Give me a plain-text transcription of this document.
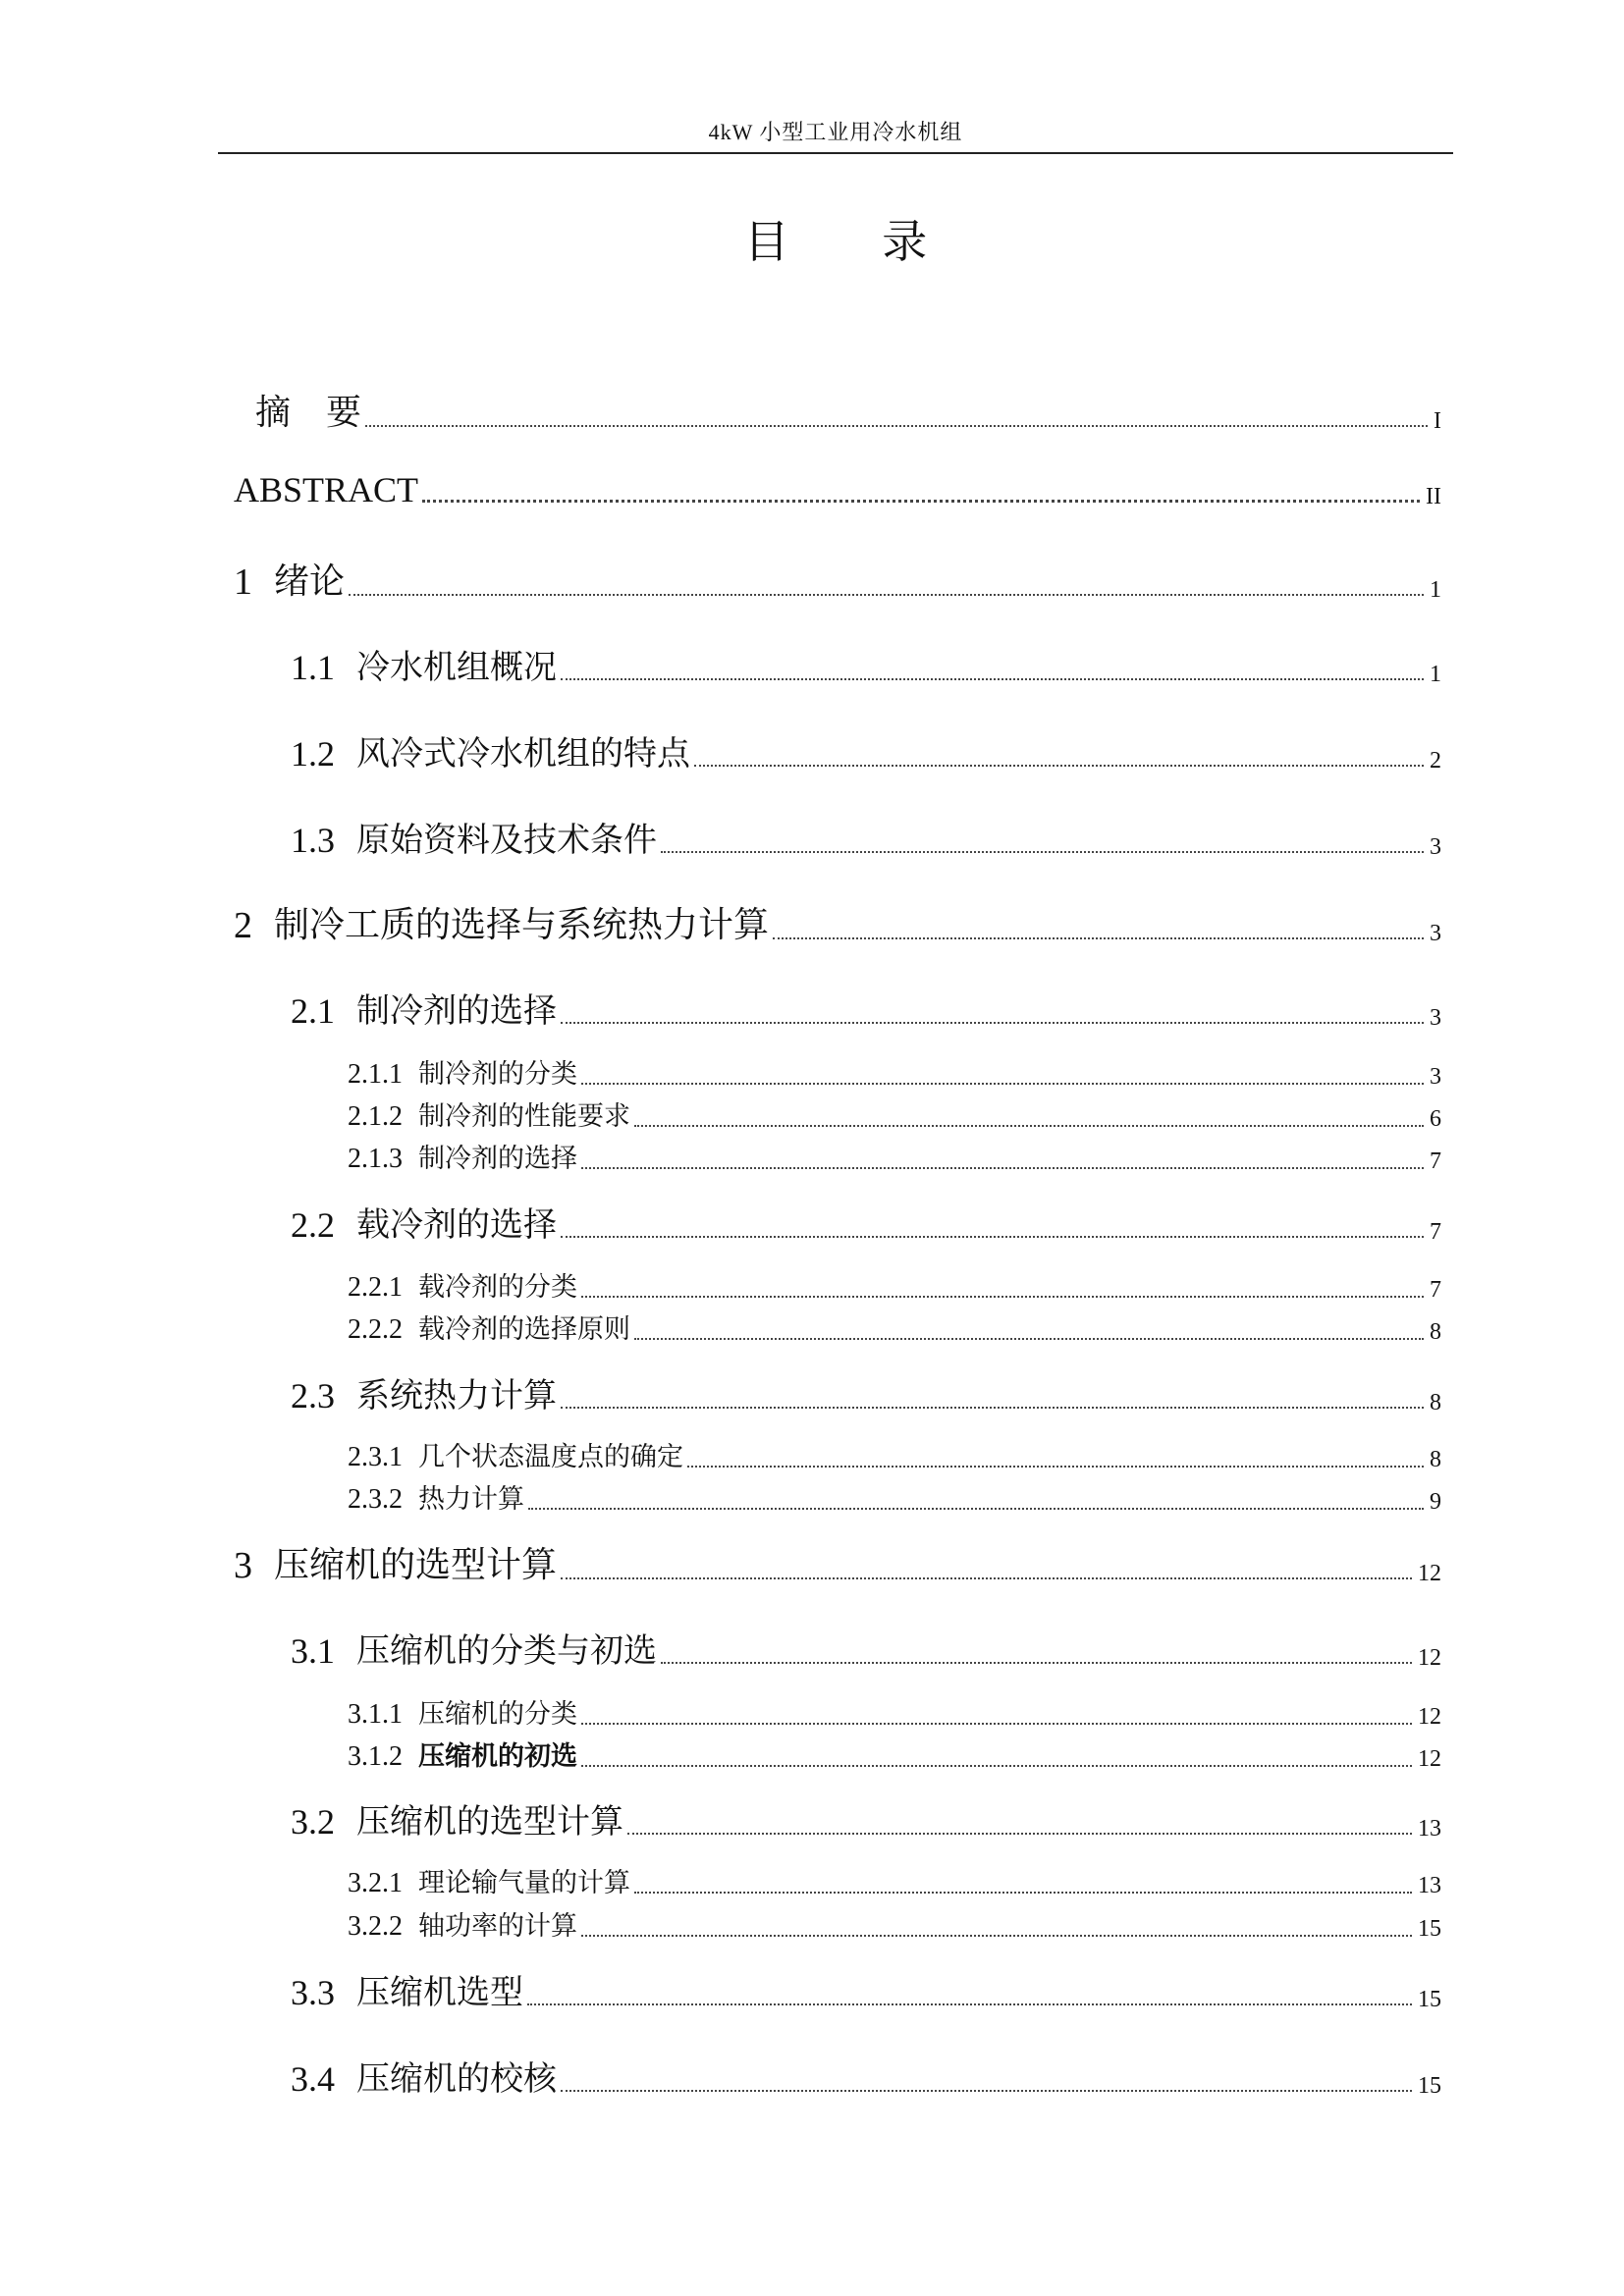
4kW 小型工业用冷水机组
目 录
摘　要	I
ABSTRACT	II
1 绪论	1
1.1 冷水机组概况	1
1.2 风冷式冷水机组的特点	2
1.3 原始资料及技术条件	3
2 制冷工质的选择与系统热力计算	3
2.1 制冷剂的选择	3
2.1.1 制冷剂的分类	3
2.1.2 制冷剂的性能要求	6
2.1.3 制冷剂的选择	7
2.2 载冷剂的选择	7
2.2.1 载冷剂的分类	7
2.2.2 载冷剂的选择原则	8
2.3 系统热力计算	8
2.3.1 几个状态温度点的确定	8
2.3.2 热力计算	9
3 压缩机的选型计算	12
3.1 压缩机的分类与初选	12
3.1.1 压缩机的分类	12
3.1.2 压缩机的初选	12
3.2 压缩机的选型计算	13
3.2.1 理论输气量的计算	13
3.2.2 轴功率的计算	15
3.3 压缩机选型	15
3.4 压缩机的校核	15
